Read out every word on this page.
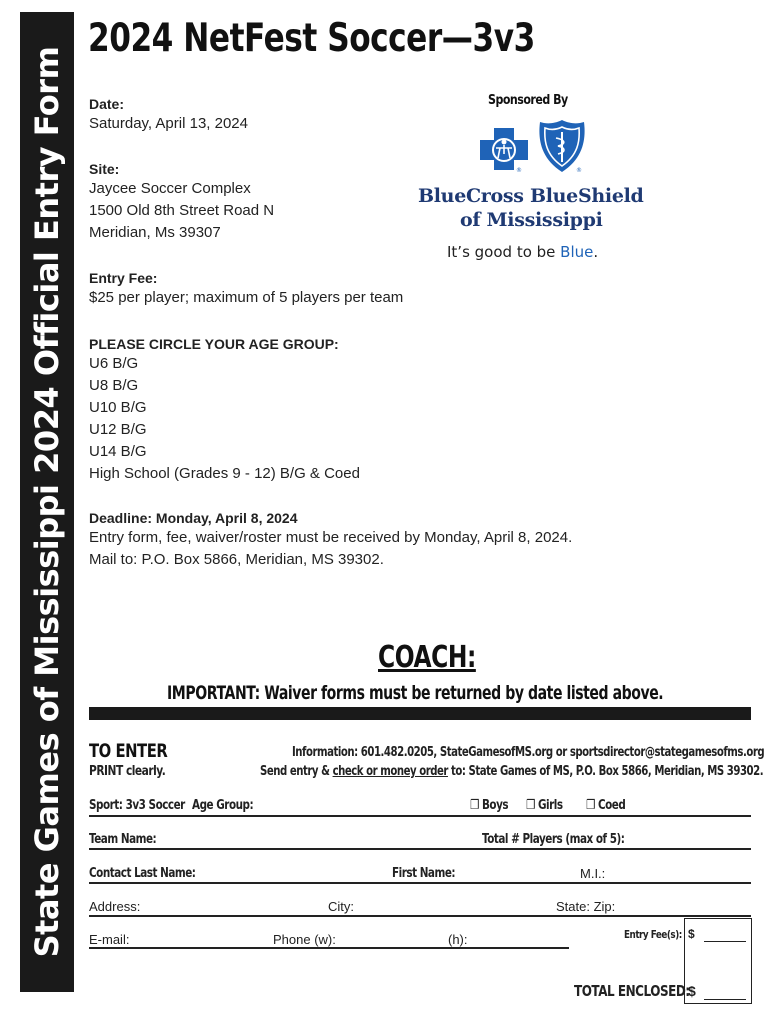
State Games of Mississippi 2024 Official Entry Form
2024 NetFest Soccer—3v3
Date:
Saturday, April 13, 2024
Site:
Jaycee Soccer Complex
1500 Old 8th Street Road N
Meridian, Ms 39307
Entry Fee:
$25 per player; maximum of 5 players per team
PLEASE CIRCLE YOUR AGE GROUP:
U6 B/G
U8 B/G
U10 B/G
U12 B/G
U14 B/G
High School (Grades 9 - 12) B/G & Coed
Deadline: Monday, April 8, 2024
Entry form, fee, waiver/roster must be received by Monday, April 8, 2024.
Mail to: P.O. Box 5866, Meridian, MS 39302.
Sponsored By
®	®
BlueCross BlueShield
of Mississippi
It’s good to be Blue.
COACH:
IMPORTANT: Waiver forms must be returned by date listed above.
TO ENTER
PRINT clearly.
Information: 601.482.0205, StateGamesofMS.org or sportsdirector@stategamesofms.org
Send entry & check or money order to: State Games of MS, P.O. Box 5866, Meridian, MS 39302.
Sport: 3v3 Soccer Age Group:	❒ Boys ❒ Girls ❒ Coed
Team Name:	Total # Players (max of 5):
Contact Last Name:	First Name:	M.I.:
Address:	City:	State: Zip:
E-mail:	Phone (w):	(h):	Entry Fee(s): $
TOTAL ENCLOSED:
$
